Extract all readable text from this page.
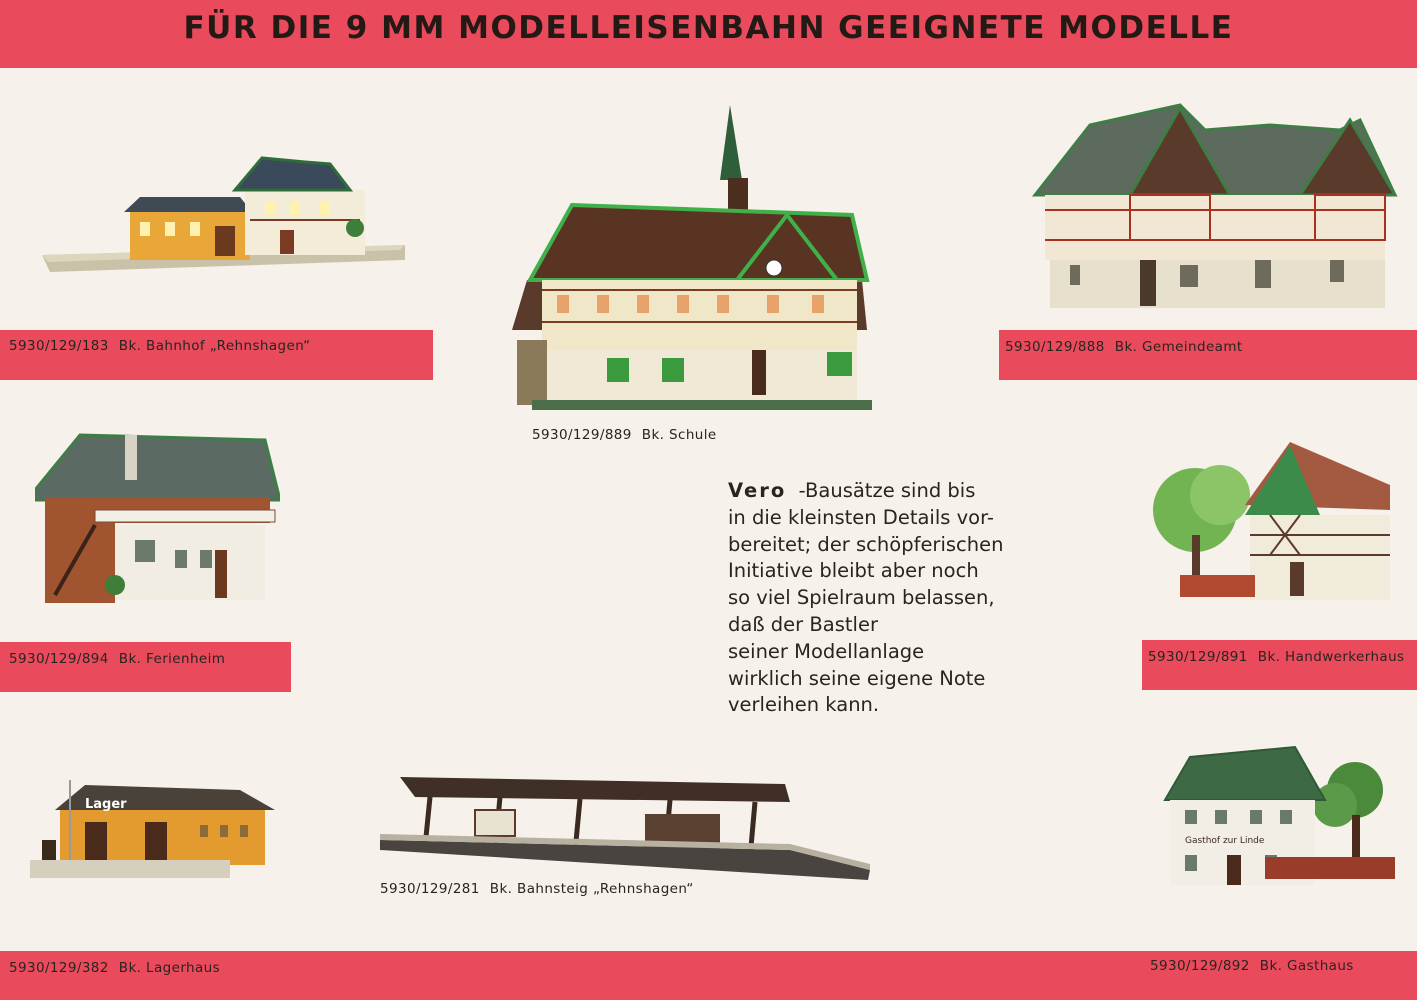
FÜR DIE 9 MM MODELLEISENBAHN GEEIGNETE MODELLE
5930/129/183 Bk. Bahnhof „Rehnshagen“
5930/129/889 Bk. Schule
5930/129/888 Bk. Gemeindeamt
5930/129/894 Bk. Ferienheim	5930/129/891 Bk. Handwerkerhaus
5930/129/281 Bk. Bahnsteig „Rehnshagen“
5930/129/382 Bk. Lagerhaus	5930/129/892 Bk. Gasthaus
Vero -Bausätze sind bis
in die kleinsten Details vor-
bereitet; der schöpferischen
Initiative bleibt aber noch
so viel Spielraum belassen,
daß der Bastler
seiner Modellanlage
wirklich seine eigene Note
verleihen kann.
Lager
Gasthof zur Linde
